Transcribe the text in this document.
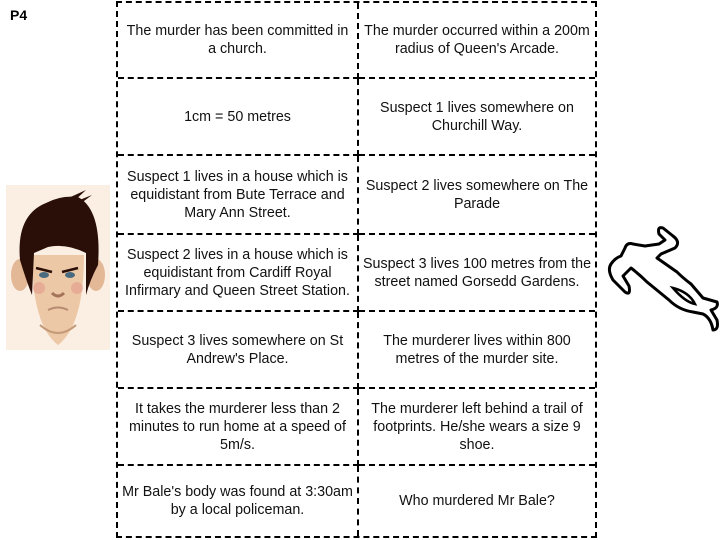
P4
The murder has been committed in a church.
The murder occurred within a 200m radius of Queen's Arcade.
1cm = 50 metres
Suspect 1 lives somewhere on Churchill Way.
Suspect 1 lives in a house which is equidistant from Bute Terrace and Mary Ann Street.
Suspect 2 lives somewhere on The Parade
Suspect 2 lives in a house which is equidistant from Cardiff Royal Infirmary and Queen Street Station.
Suspect 3 lives 100 metres from the street named Gorsedd Gardens.
Suspect 3 lives somewhere on St Andrew's Place.
The murderer lives within 800 metres of the murder site.
It takes the murderer less than 2 minutes to run home at a speed of 5m/s.
The murderer left behind a trail of footprints. He/she wears a size 9 shoe.
Mr Bale's body was found at 3:30am by a local policeman.
Who murdered Mr Bale?
